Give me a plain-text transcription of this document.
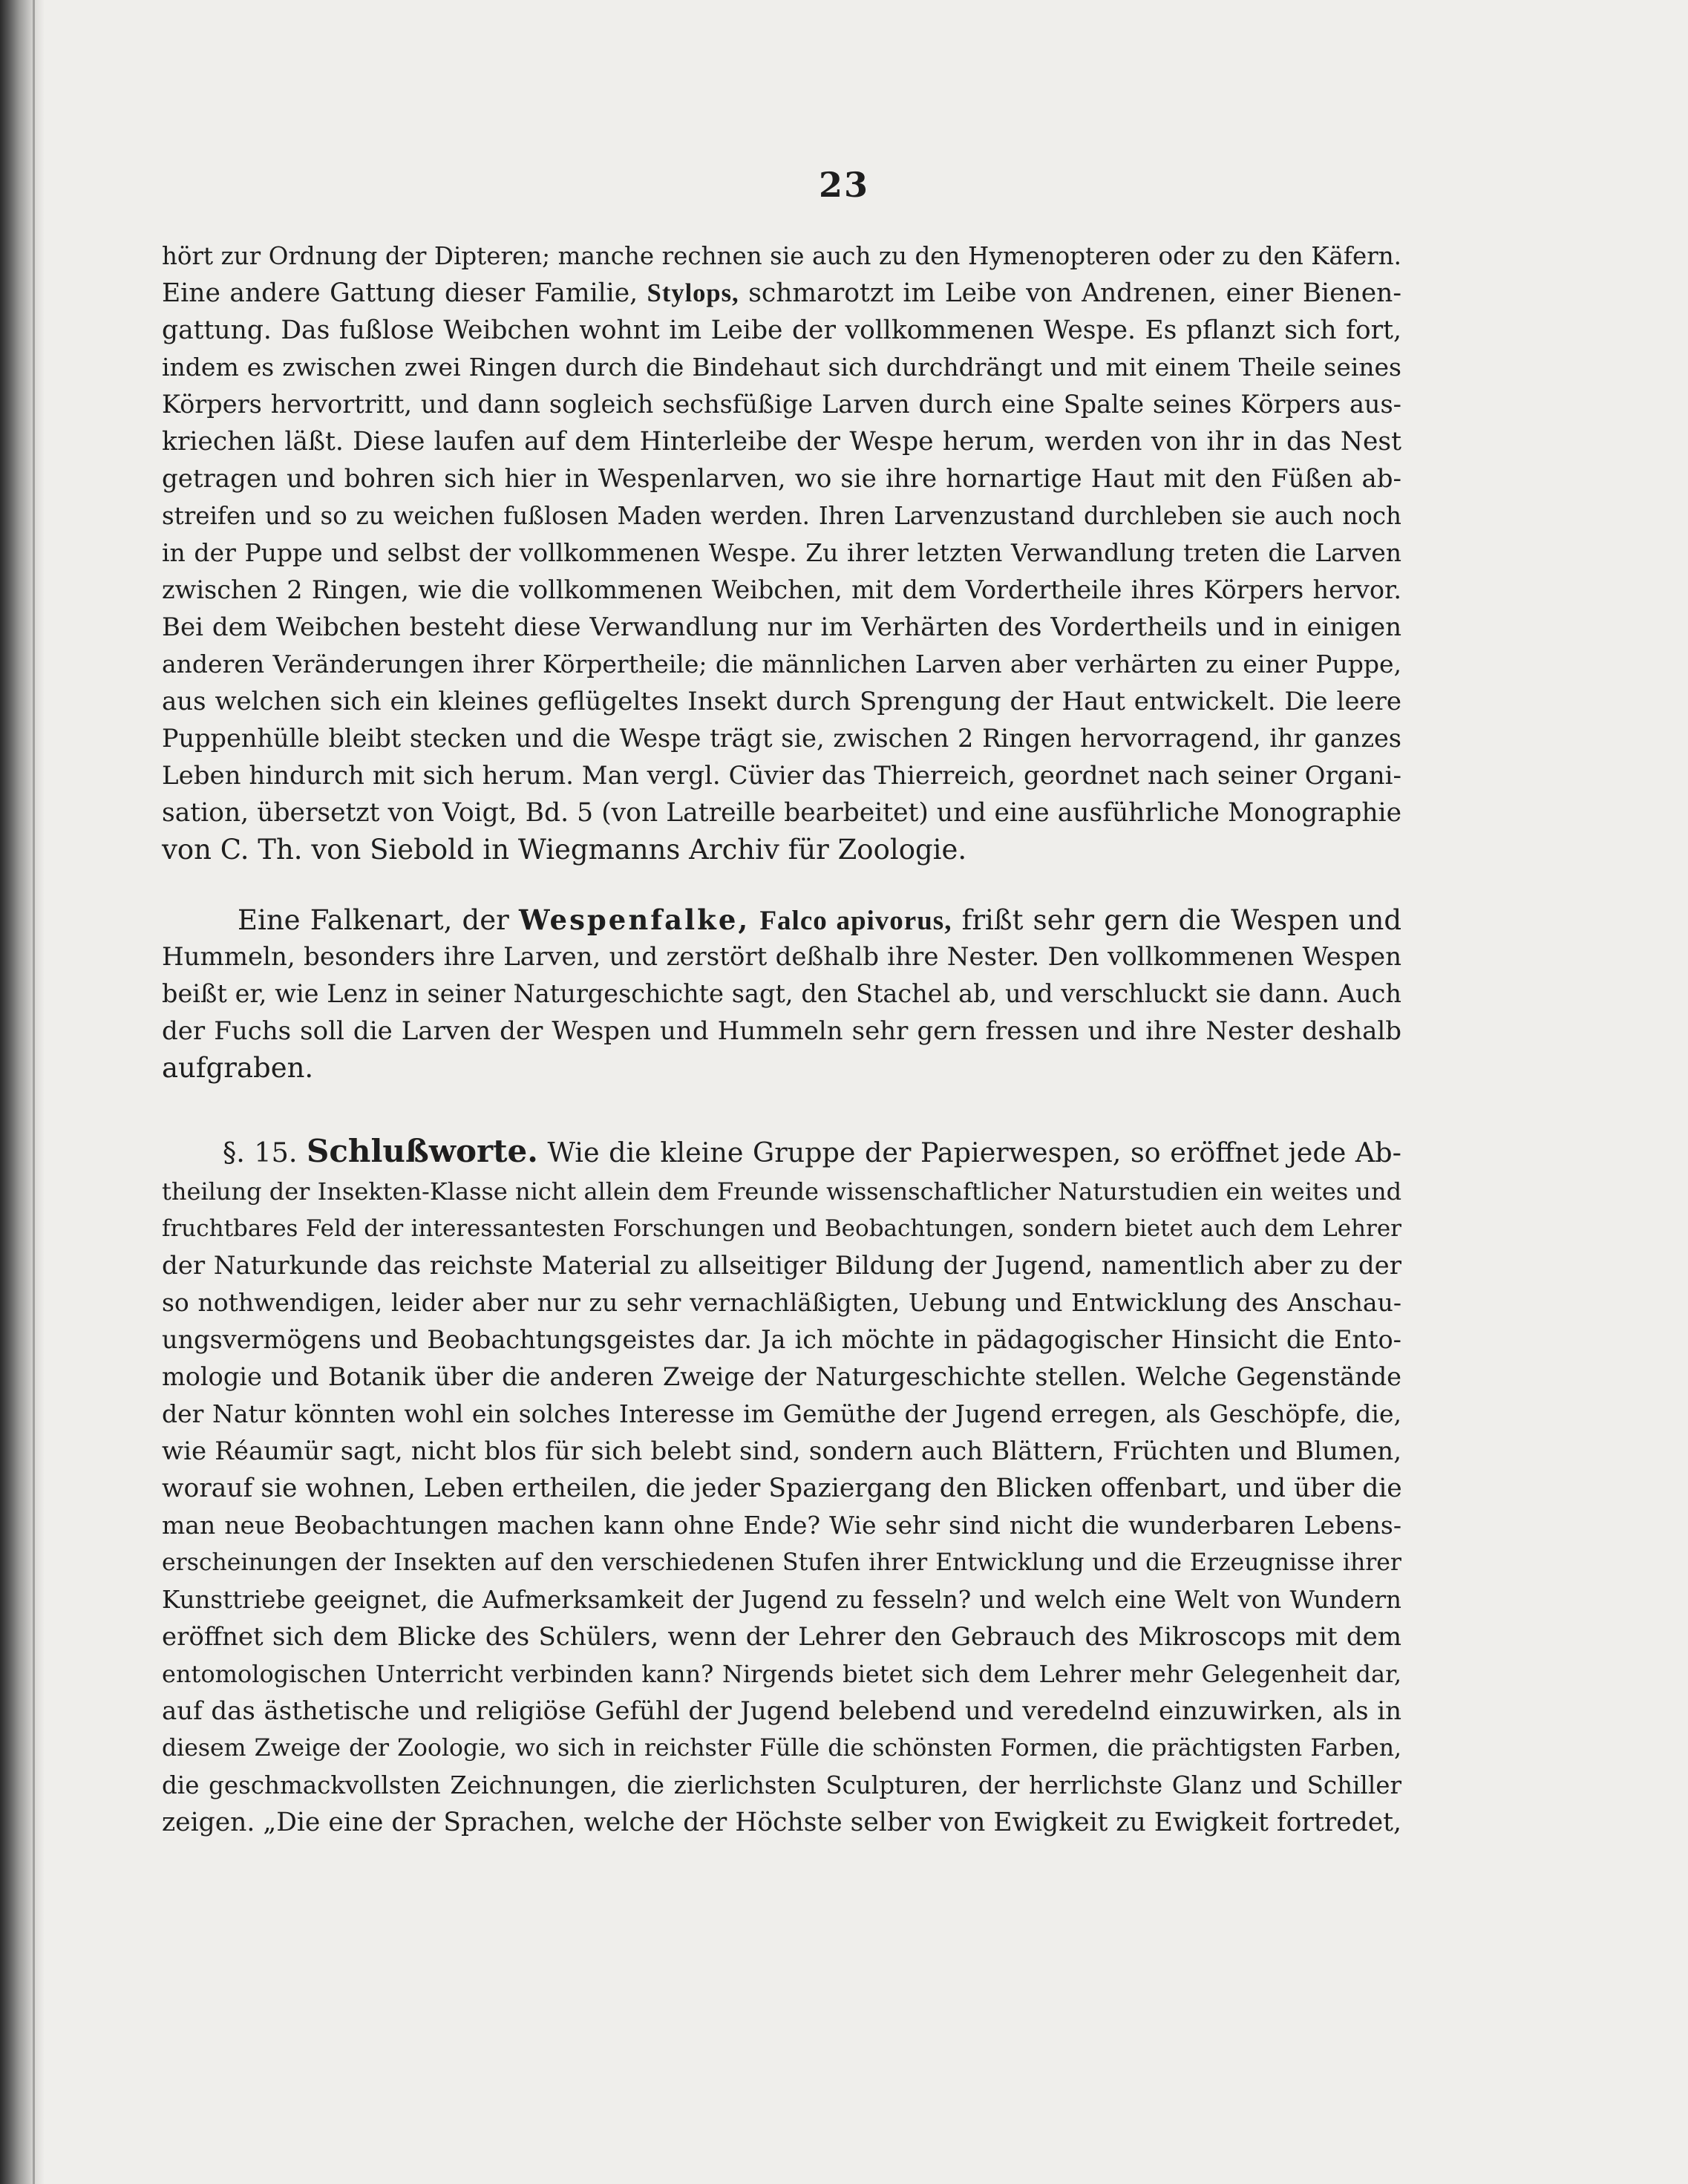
23
hört zur Ordnung der Dipteren; manche rechnen sie auch zu den Hymenopteren oder zu den Käfern.
Eine andere Gattung dieser Familie, Stylops, schmarotzt im Leibe von Andrenen, einer Bienen-
gattung. Das fußlose Weibchen wohnt im Leibe der vollkommenen Wespe. Es pflanzt sich fort,
indem es zwischen zwei Ringen durch die Bindehaut sich durchdrängt und mit einem Theile seines
Körpers hervortritt, und dann sogleich sechsfüßige Larven durch eine Spalte seines Körpers aus-
kriechen läßt. Diese laufen auf dem Hinterleibe der Wespe herum, werden von ihr in das Nest
getragen und bohren sich hier in Wespenlarven, wo sie ihre hornartige Haut mit den Füßen ab-
streifen und so zu weichen fußlosen Maden werden. Ihren Larvenzustand durchleben sie auch noch
in der Puppe und selbst der vollkommenen Wespe. Zu ihrer letzten Verwandlung treten die Larven
zwischen 2 Ringen, wie die vollkommenen Weibchen, mit dem Vordertheile ihres Körpers hervor.
Bei dem Weibchen besteht diese Verwandlung nur im Verhärten des Vordertheils und in einigen
anderen Veränderungen ihrer Körpertheile; die männlichen Larven aber verhärten zu einer Puppe,
aus welchen sich ein kleines geflügeltes Insekt durch Sprengung der Haut entwickelt. Die leere
Puppenhülle bleibt stecken und die Wespe trägt sie, zwischen 2 Ringen hervorragend, ihr ganzes
Leben hindurch mit sich herum. Man vergl. Cüvier das Thierreich, geordnet nach seiner Organi-
sation, übersetzt von Voigt, Bd. 5 (von Latreille bearbeitet) und eine ausführliche Monographie
von C. Th. von Siebold in Wiegmanns Archiv für Zoologie.
Eine Falkenart, der Wespenfalke, Falco apivorus, frißt sehr gern die Wespen und
Hummeln, besonders ihre Larven, und zerstört deßhalb ihre Nester. Den vollkommenen Wespen
beißt er, wie Lenz in seiner Naturgeschichte sagt, den Stachel ab, und verschluckt sie dann. Auch
der Fuchs soll die Larven der Wespen und Hummeln sehr gern fressen und ihre Nester deshalb
aufgraben.
§. 15. Schlußworte. Wie die kleine Gruppe der Papierwespen, so eröffnet jede Ab-
theilung der Insekten-Klasse nicht allein dem Freunde wissenschaftlicher Naturstudien ein weites und
fruchtbares Feld der interessantesten Forschungen und Beobachtungen, sondern bietet auch dem Lehrer
der Naturkunde das reichste Material zu allseitiger Bildung der Jugend, namentlich aber zu der
so nothwendigen, leider aber nur zu sehr vernachläßigten, Uebung und Entwicklung des Anschau-
ungsvermögens und Beobachtungsgeistes dar. Ja ich möchte in pädagogischer Hinsicht die Ento-
mologie und Botanik über die anderen Zweige der Naturgeschichte stellen. Welche Gegenstände
der Natur könnten wohl ein solches Interesse im Gemüthe der Jugend erregen, als Geschöpfe, die,
wie Réaumür sagt, nicht blos für sich belebt sind, sondern auch Blättern, Früchten und Blumen,
worauf sie wohnen, Leben ertheilen, die jeder Spaziergang den Blicken offenbart, und über die
man neue Beobachtungen machen kann ohne Ende? Wie sehr sind nicht die wunderbaren Lebens-
erscheinungen der Insekten auf den verschiedenen Stufen ihrer Entwicklung und die Erzeugnisse ihrer
Kunsttriebe geeignet, die Aufmerksamkeit der Jugend zu fesseln? und welch eine Welt von Wundern
eröffnet sich dem Blicke des Schülers, wenn der Lehrer den Gebrauch des Mikroscops mit dem
entomologischen Unterricht verbinden kann? Nirgends bietet sich dem Lehrer mehr Gelegenheit dar,
auf das ästhetische und religiöse Gefühl der Jugend belebend und veredelnd einzuwirken, als in
diesem Zweige der Zoologie, wo sich in reichster Fülle die schönsten Formen, die prächtigsten Farben,
die geschmackvollsten Zeichnungen, die zierlichsten Sculpturen, der herrlichste Glanz und Schiller
zeigen. „Die eine der Sprachen, welche der Höchste selber von Ewigkeit zu Ewigkeit fortredet,
